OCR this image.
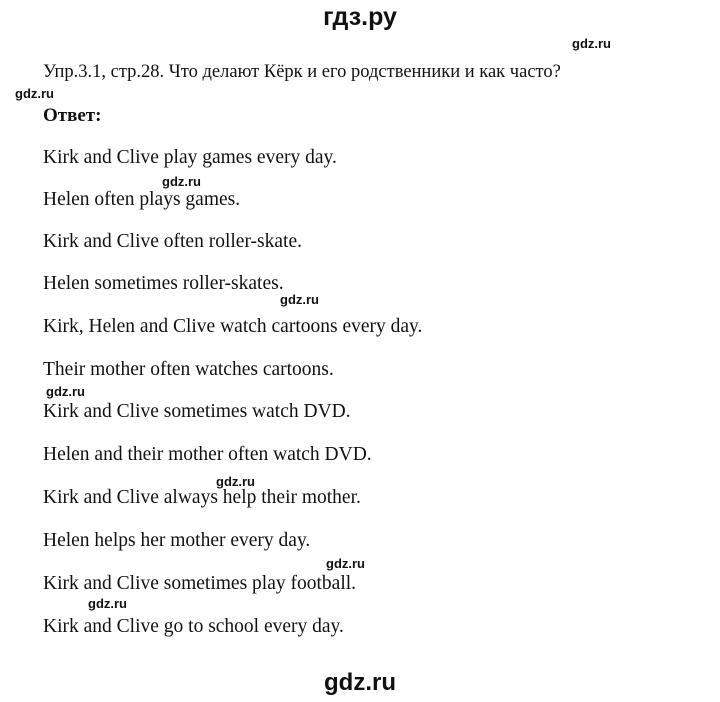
гдз.ру
gdz.ru
gdz.ru
gdz.ru
gdz.ru
gdz.ru
gdz.ru
gdz.ru
gdz.ru
Упр.3.1, стр.28. Что делают Кёрк и его родственники и как часто?
Ответ:
Kirk and Clive play games every day.
Helen often plays games.
Kirk and Clive often roller-skate.
Helen sometimes roller-skates.
Kirk, Helen and Clive watch cartoons every day.
Their mother often watches cartoons.
Kirk and Clive sometimes watch DVD.
Helen and their mother often watch DVD.
Kirk and Clive always help their mother.
Helen helps her mother every day.
Kirk and Clive sometimes play football.
Kirk and Clive go to school every day.
gdz.ru
